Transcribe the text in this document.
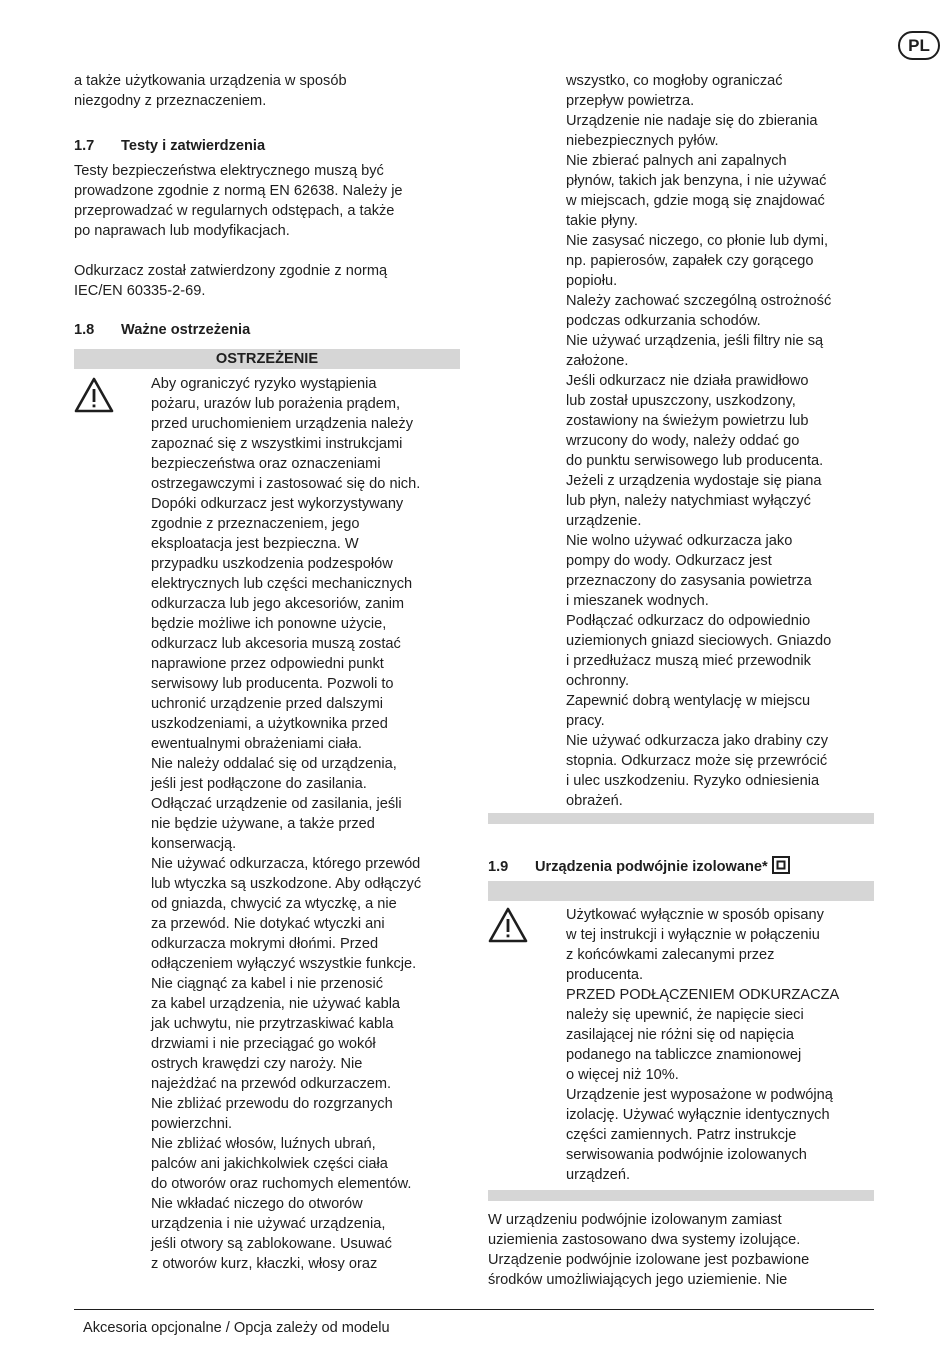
PL
a także użytkowania urządzenia w sposób
niezgodny z przeznaczeniem.
1.7 Testy i zatwierdzenia
Testy bezpieczeństwa elektrycznego muszą być
prowadzone zgodnie z normą EN 62638. Należy je
przeprowadzać w regularnych odstępach, a także
po naprawach lub modyfikacjach.
Odkurzacz został zatwierdzony zgodnie z normą
IEC/EN 60335-2-69.
1.8 Ważne ostrzeżenia
OSTRZEŻENIE
Aby ograniczyć ryzyko wystąpienia
pożaru, urazów lub porażenia prądem,
przed uruchomieniem urządzenia należy
zapoznać się z wszystkimi instrukcjami
bezpieczeństwa oraz oznaczeniami
ostrzegawczymi i zastosować się do nich.
Dopóki odkurzacz jest wykorzystywany
zgodnie z przeznaczeniem, jego
eksploatacja jest bezpieczna. W
przypadku uszkodzenia podzespołów
elektrycznych lub części mechanicznych
odkurzacza lub jego akcesoriów, zanim
będzie możliwe ich ponowne użycie,
odkurzacz lub akcesoria muszą zostać
naprawione przez odpowiedni punkt
serwisowy lub producenta. Pozwoli to
uchronić urządzenie przed dalszymi
uszkodzeniami, a użytkownika przed
ewentualnymi obrażeniami ciała.
Nie należy oddalać się od urządzenia,
jeśli jest podłączone do zasilania.
Odłączać urządzenie od zasilania, jeśli
nie będzie używane, a także przed
konserwacją.
Nie używać odkurzacza, którego przewód
lub wtyczka są uszkodzone. Aby odłączyć
od gniazda, chwycić za wtyczkę, a nie
za przewód. Nie dotykać wtyczki ani
odkurzacza mokrymi dłońmi. Przed
odłączeniem wyłączyć wszystkie funkcje.
Nie ciągnąć za kabel i nie przenosić
za kabel urządzenia, nie używać kabla
jak uchwytu, nie przytrzaskiwać kabla
drzwiami i nie przeciągać go wokół
ostrych krawędzi czy naroży. Nie
najeżdżać na przewód odkurzaczem.
Nie zbliżać przewodu do rozgrzanych
powierzchni.
Nie zbliżać włosów, luźnych ubrań,
palców ani jakichkolwiek części ciała
do otworów oraz ruchomych elementów.
Nie wkładać niczego do otworów
urządzenia i nie używać urządzenia,
jeśli otwory są zablokowane. Usuwać
z otworów kurz, kłaczki, włosy oraz
wszystko, co mogłoby ograniczać
przepływ powietrza.
Urządzenie nie nadaje się do zbierania
niebezpiecznych pyłów.
Nie zbierać palnych ani zapalnych
płynów, takich jak benzyna, i nie używać
w miejscach, gdzie mogą się znajdować
takie płyny.
Nie zasysać niczego, co płonie lub dymi,
np. papierosów, zapałek czy gorącego
popiołu.
Należy zachować szczególną ostrożność
podczas odkurzania schodów.
Nie używać urządzenia, jeśli filtry nie są
założone.
Jeśli odkurzacz nie działa prawidłowo
lub został upuszczony, uszkodzony,
zostawiony na świeżym powietrzu lub
wrzucony do wody, należy oddać go
do punktu serwisowego lub producenta.
Jeżeli z urządzenia wydostaje się piana
lub płyn, należy natychmiast wyłączyć
urządzenie.
Nie wolno używać odkurzacza jako
pompy do wody. Odkurzacz jest
przeznaczony do zasysania powietrza
i mieszanek wodnych.
Podłączać odkurzacz do odpowiednio
uziemionych gniazd sieciowych. Gniazdo
i przedłużacz muszą mieć przewodnik
ochronny.
Zapewnić dobrą wentylację w miejscu
pracy.
Nie używać odkurzacza jako drabiny czy
stopnia. Odkurzacz może się przewrócić
i ulec uszkodzeniu. Ryzyko odniesienia
obrażeń.
1.9 Urządzenia podwójnie izolowane*
Użytkować wyłącznie w sposób opisany
w tej instrukcji i wyłącznie w połączeniu
z końcówkami zalecanymi przez
producenta.
PRZED PODŁĄCZENIEM ODKURZACZA
należy się upewnić, że napięcie sieci
zasilającej nie różni się od napięcia
podanego na tabliczce znamionowej
o więcej niż 10%.
Urządzenie jest wyposażone w podwójną
izolację. Używać wyłącznie identycznych
części zamiennych. Patrz instrukcje
serwisowania podwójnie izolowanych
urządzeń.
W urządzeniu podwójnie izolowanym zamiast
uziemienia zastosowano dwa systemy izolujące.
Urządzenie podwójnie izolowane jest pozbawione
środków umożliwiających jego uziemienie. Nie
Akcesoria opcjonalne / Opcja zależy od modelu
